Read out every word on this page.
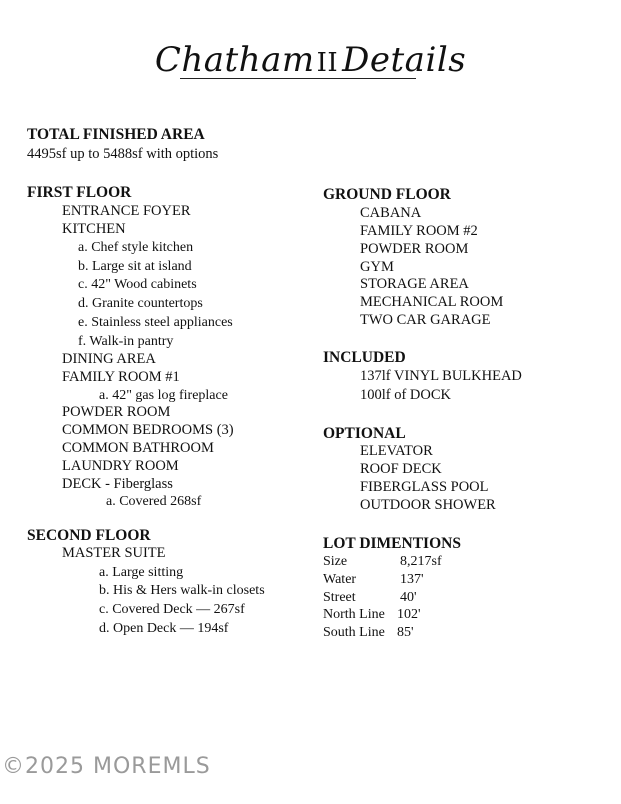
ChathamII Details
TOTAL FINISHED AREA
4495sf up to 5488sf with options
FIRST FLOOR
ENTRANCE FOYER
KITCHEN
a. Chef style kitchen
b. Large sit at island
c. 42" Wood cabinets
d. Granite countertops
e. Stainless steel appliances
f. Walk-in pantry
DINING AREA
FAMILY ROOM #1
a. 42" gas log fireplace
POWDER ROOM
COMMON BEDROOMS (3)
COMMON BATHROOM
LAUNDRY ROOM
DECK - Fiberglass
a. Covered 268sf
SECOND FLOOR
MASTER SUITE
a. Large sitting
b. His & Hers walk-in closets
c. Covered Deck — 267sf
d. Open Deck — 194sf
GROUND FLOOR
CABANA
FAMILY ROOM #2
POWDER ROOM
GYM
STORAGE AREA
MECHANICAL ROOM
TWO CAR GARAGE
INCLUDED
137lf VINYL BULKHEAD
100lf of DOCK
OPTIONAL
ELEVATOR
ROOF DECK
FIBERGLASS POOL
OUTDOOR SHOWER
LOT DIMENTIONS
Size	8,217sf
Water	137'
Street	40'
North Line 102'
South Line 85'
©2025 MOREMLS
